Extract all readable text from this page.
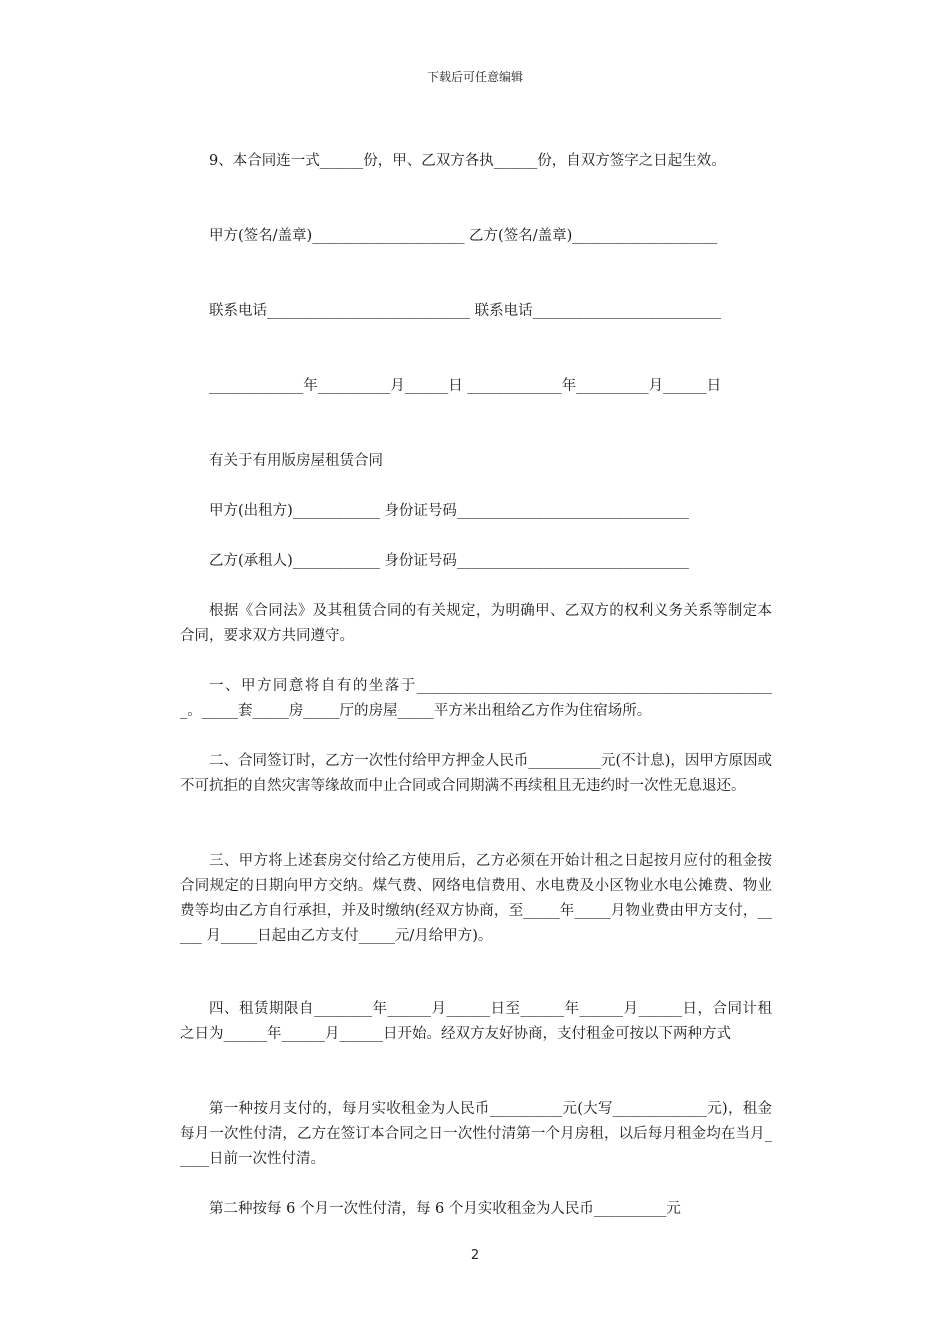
下载后可任意编辑

9、本合同连一式______份，甲、乙双方各执______份，自双方签字之日起生效。

甲方(签名/盖章)_____________________ 乙方(签名/盖章)____________________

联系电话____________________________ 联系电话__________________________

_____________年__________月______日 _____________年__________月______日

有关于有用版房屋租赁合同

甲方(出租方)____________ 身份证号码________________________________

乙方(承租人)____________ 身份证号码________________________________

根据《合同法》及其租赁合同的有关规定，为明确甲、乙双方的权利义务关系等制定本合同，要求双方共同遵守。

一、甲方同意将自有的坐落于__________________________________________________。_____套_____房_____厅的房屋_____平方米出租给乙方作为住宿场所。

二、合同签订时，乙方一次性付给甲方押金人民币__________元(不计息)，因甲方原因或不可抗拒的自然灾害等缘故而中止合同或合同期满不再续租且无违约时一次性无息退还。

三、甲方将上述套房交付给乙方使用后，乙方必须在开始计租之日起按月应付的租金按合同规定的日期向甲方交纳。煤气费、网络电信费用、水电费及小区物业水电公摊费、物业费等均由乙方自行承担，并及时缴纳(经双方协商，至_____年_____月物业费由甲方支付，_____ 月_____日起由乙方支付_____元/月给甲方)。

四、租赁期限自________年______月______日至______年______月______日，合同计租之日为______年______月______日开始。经双方友好协商，支付租金可按以下两种方式

第一种按月支付的，每月实收租金为人民币__________元(大写_____________元)，租金每月一次性付清，乙方在签订本合同之日一次性付清第一个月房租，以后每月租金均在当月_____日前一次性付清。

第二种按每 6 个月一次性付清，每 6 个月实收租金为人民币__________元

2
